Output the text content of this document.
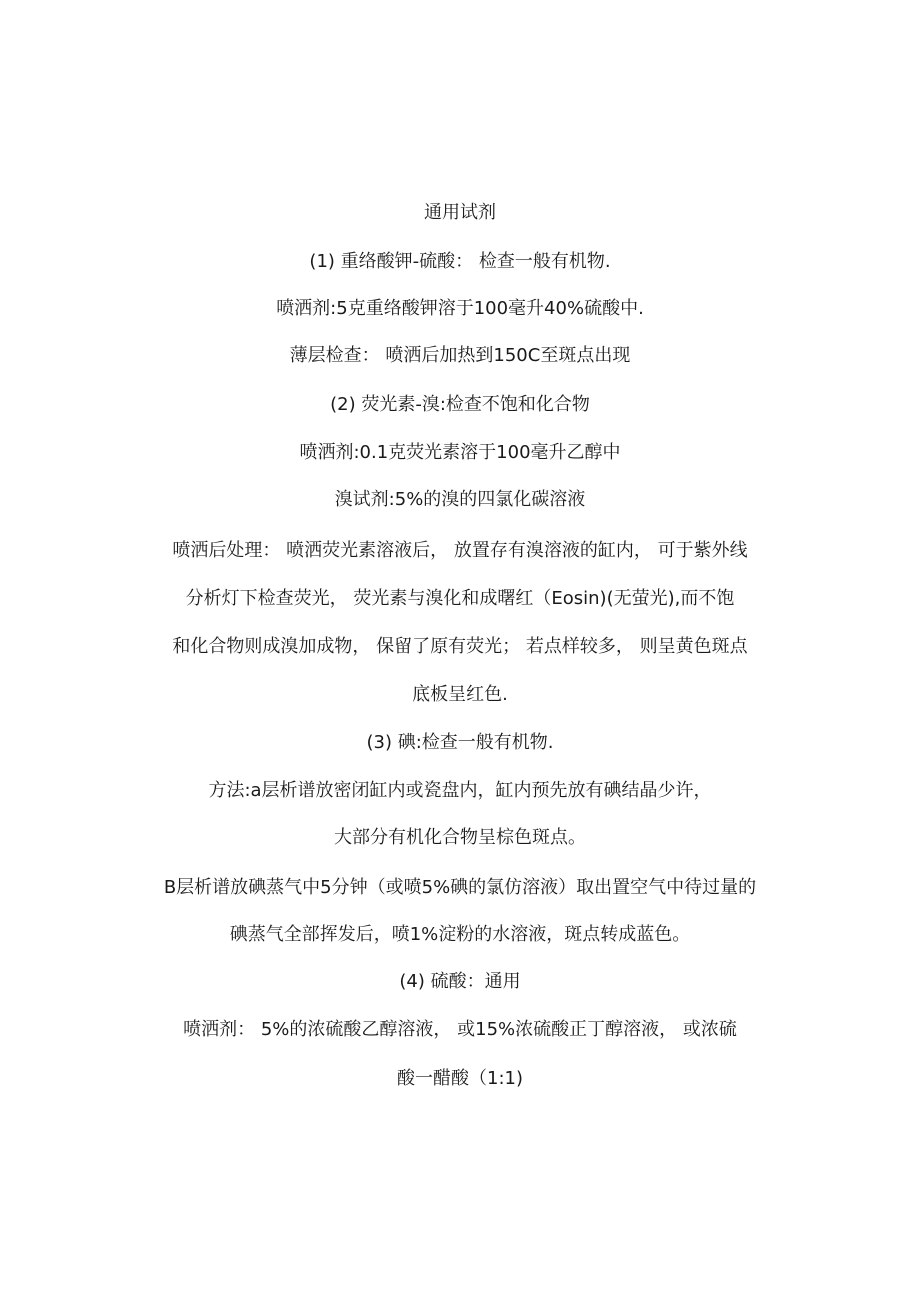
通用试剂
(1) 重络酸钾-硫酸： 检查一般有机物.
喷洒剂:5克重络酸钾溶于100毫升40%硫酸中.
薄层检查： 喷洒后加热到150C至斑点出现
(2) 荧光素-溴:检查不饱和化合物
喷洒剂:0.1克荧光素溶于100毫升乙醇中
溴试剂:5%的溴的四氯化碳溶液
喷洒后处理： 喷洒荧光素溶液后， 放置存有溴溶液的缸内， 可于紫外线
分析灯下检查荧光， 荧光素与溴化和成曙红（Eosin)(无萤光),而不饱
和化合物则成溴加成物， 保留了原有荧光； 若点样较多， 则呈黄色斑点
底板呈红色.
(3) 碘:检查一般有机物.
方法:a层析谱放密闭缸内或瓷盘内，缸内预先放有碘结晶少许，
大部分有机化合物呈棕色斑点。
B层析谱放碘蒸气中5分钟（或喷5%碘的氯仿溶液）取出置空气中待过量的
碘蒸气全部挥发后，喷1%淀粉的水溶液，斑点转成蓝色。
(4) 硫酸：通用
喷洒剂： 5%的浓硫酸乙醇溶液， 或15%浓硫酸正丁醇溶液， 或浓硫
酸一醋酸（1:1)
